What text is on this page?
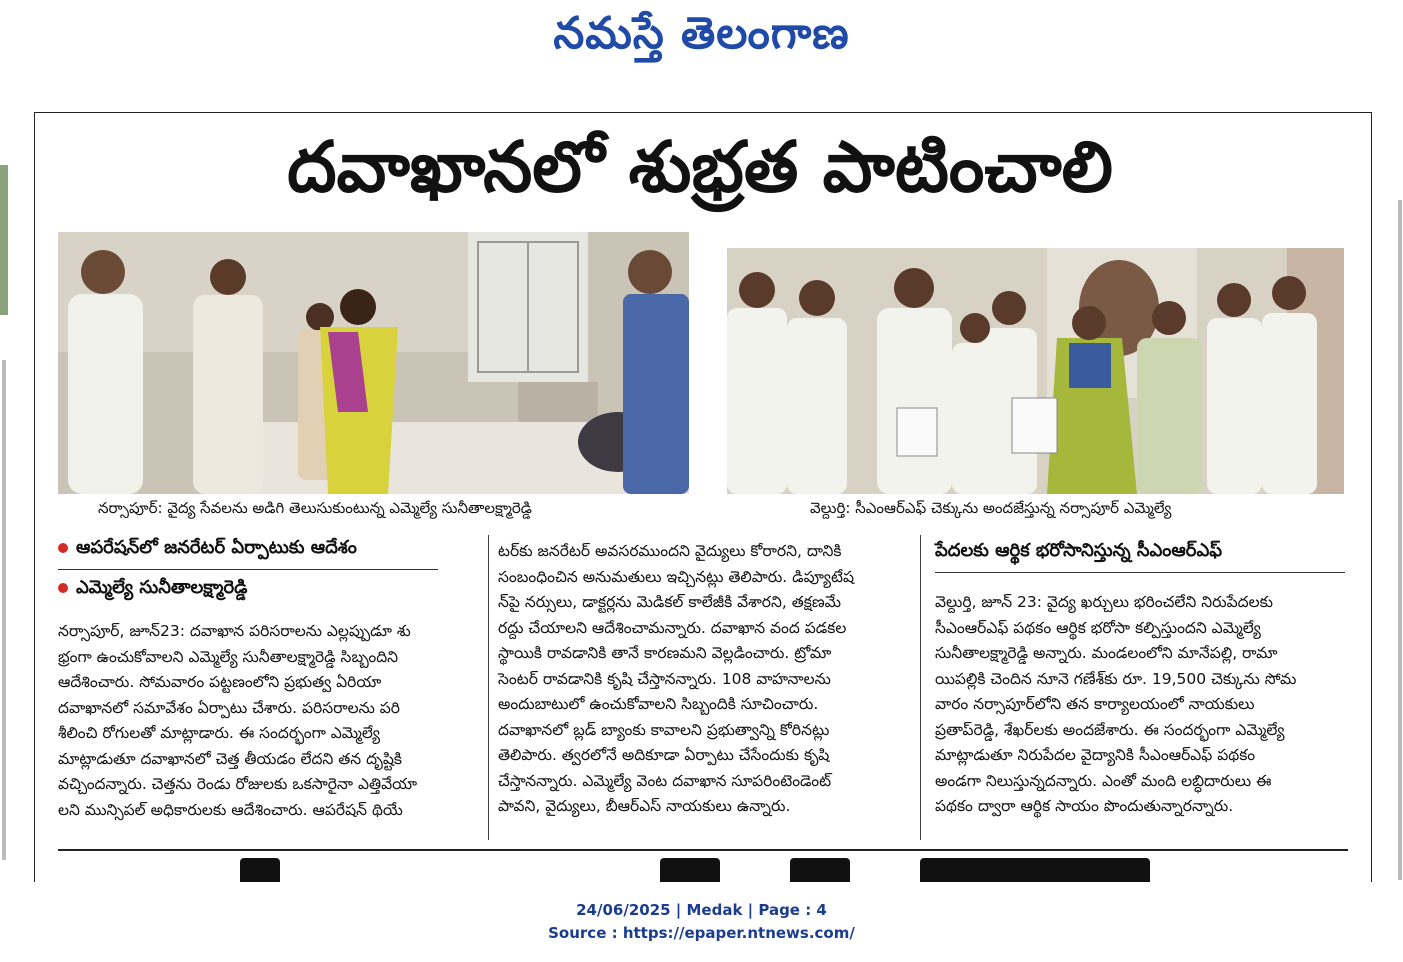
నమస్తే తెలంగాణ
దవాఖానలో శుభ్రత పాటించాలి
నర్సాపూర్: వైద్య సేవలను అడిగి తెలుసుకుంటున్న ఎమ్మెల్యే సునీతాలక్ష్మారెడ్డి	వెల్దుర్తి: సీఎంఆర్‌ఎఫ్ చెక్కును అందజేస్తున్న నర్సాపూర్ ఎమ్మెల్యే
ఆపరేషన్‌లో జనరేటర్ ఏర్పాటుకు ఆదేశం
ఎమ్మెల్యే సునీతాలక్ష్మారెడ్డి

నర్సాపూర్, జూన్23: దవాఖాన పరిసరాలను ఎల్లప్పుడూ శు

భ్రంగా ఉంచుకోవాలని ఎమ్మెల్యే సునీతాలక్ష్మారెడ్డి సిబ్బందిని

ఆదేశించారు. సోమవారం పట్టణంలోని ప్రభుత్వ ఏరియా

దవాఖానలో సమావేశం ఏర్పాటు చేశారు. పరిసరాలను పరి

శీలించి రోగులతో మాట్లాడారు. ఈ సందర్భంగా ఎమ్మెల్యే

మాట్లాడుతూ దవాఖానలో చెత్త తీయడం లేదని తన దృష్టికి

వచ్చిందన్నారు. చెత్తను రెండు రోజులకు ఒకసారైనా ఎత్తివేయా

లని మున్సిపల్ అధికారులకు ఆదేశించారు. ఆపరేషన్ థియే

టర్‌కు జనరేటర్ అవసరముందని వైద్యులు కోరారని, దానికి

సంబంధించిన అనుమతులు ఇచ్చినట్లు తెలిపారు. డిప్యూటేష

న్‌పై నర్సులు, డాక్టర్లను మెడికల్ కాలేజీకి వేశారని, తక్షణమే

రద్దు చేయాలని ఆదేశించామన్నారు. దవాఖాన వంద పడకల

స్థాయికి రావడానికి తానే కారణమని వెల్లడించారు. ట్రోమా

సెంటర్ రావడానికి కృషి చేస్తానన్నారు. 108 వాహనాలను

అందుబాటులో ఉంచుకోవాలని సిబ్బందికి సూచించారు.

దవాఖానలో బ్లడ్ బ్యాంకు కావాలని ప్రభుత్వాన్ని కోరినట్లు

తెలిపారు. త్వరలోనే అదికూడా ఏర్పాటు చేసేందుకు కృషి

చేస్తానన్నారు. ఎమ్మెల్యే వెంట దవాఖాన సూపరింటెండెంట్

పావని, వైద్యులు, బీఆర్‌ఎస్ నాయకులు ఉన్నారు.

పేదలకు ఆర్థిక భరోసానిస్తున్న సీఎంఆర్‌ఎఫ్

వెల్దుర్తి, జూన్ 23: వైద్య ఖర్చులు భరించలేని నిరుపేదలకు

సీఎంఆర్‌ఎఫ్ పథకం ఆర్థిక భరోసా కల్పిస్తుందని ఎమ్మెల్యే

సునీతాలక్ష్మారెడ్డి అన్నారు. మండలంలోని మానేపల్లి, రామా

యిపల్లికి చెందిన నూనె గణేశ్‌కు రూ. 19,500 చెక్కును సోమ

వారం నర్సాపూర్‌లోని తన కార్యాలయంలో నాయకులు

ప్రతాప్‌రెడ్డి, శేఖర్‌లకు అందజేశారు. ఈ సందర్భంగా ఎమ్మెల్యే

మాట్లాడుతూ నిరుపేదల వైద్యానికి సీఎంఆర్‌ఎఫ్ పథకం

అండగా నిలుస్తున్నదన్నారు. ఎంతో మంది లబ్ధిదారులు ఈ

పథకం ద్వారా ఆర్థిక సాయం పొందుతున్నారన్నారు.

24/06/2025 | Medak | Page : 4
Source : https://epaper.ntnews.com/
